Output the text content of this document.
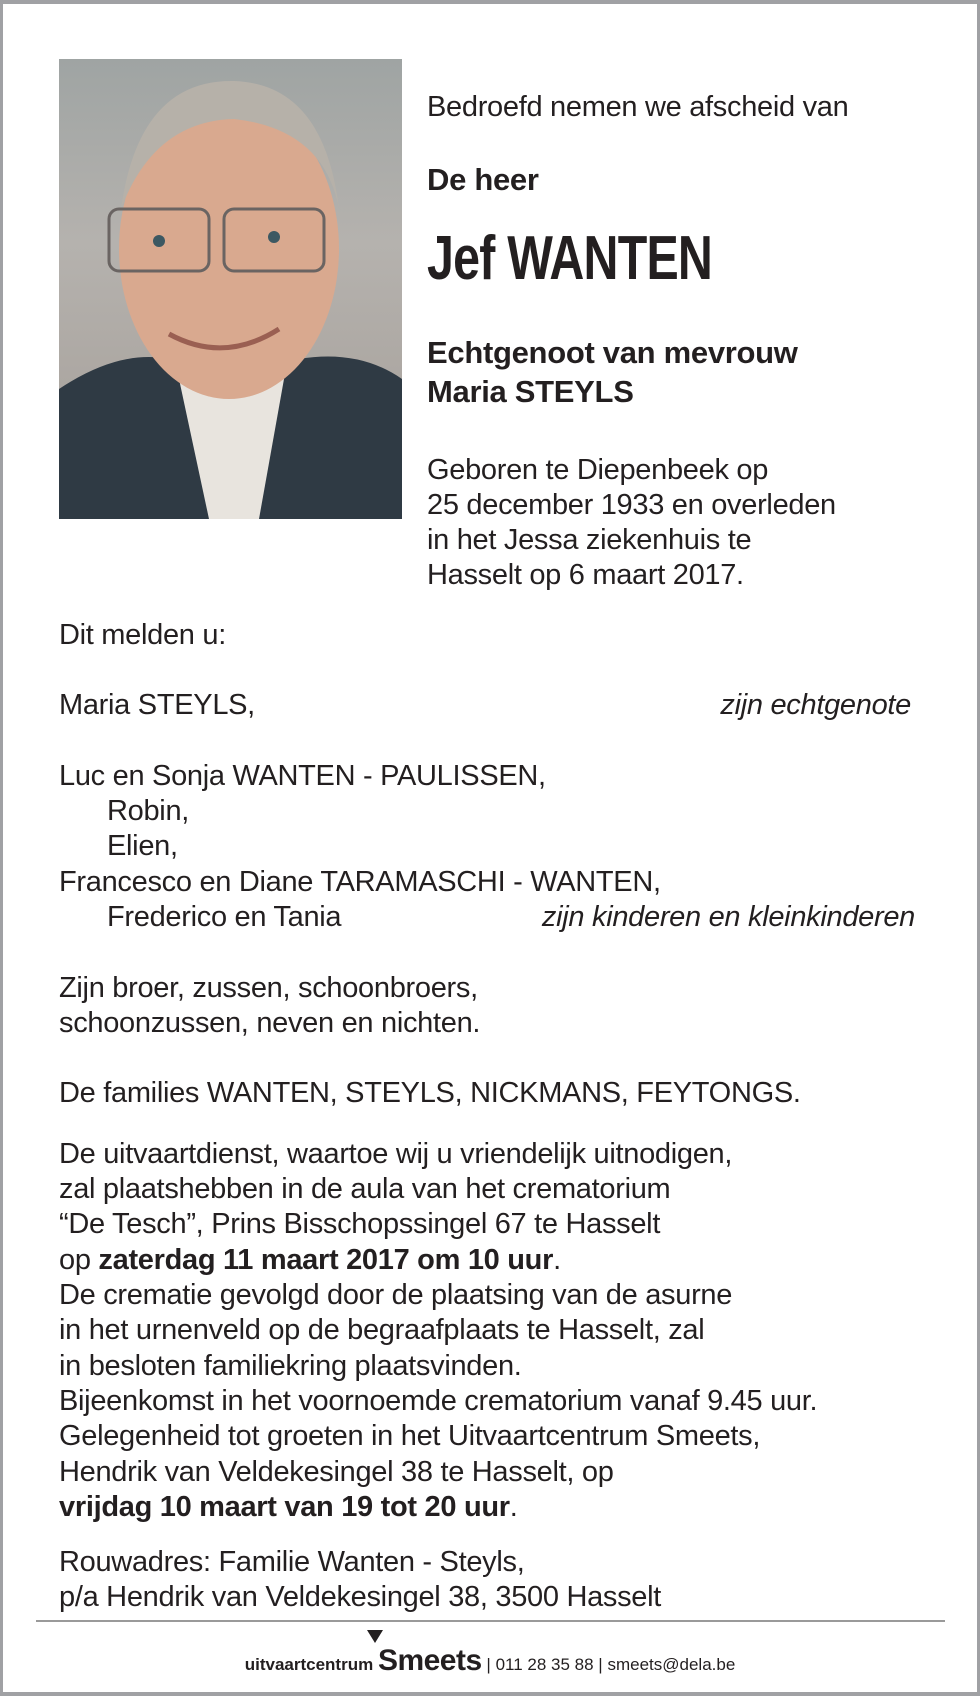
Bedroefd nemen we afscheid van
De heer
Jef WANTEN
Echtgenoot van mevrouw
Maria STEYLS
Geboren te Diepenbeek op
25 december 1933 en overleden
in het Jessa ziekenhuis te
Hasselt op 6 maart 2017.
Dit melden u:
Maria STEYLS,	zijn echtgenote
Luc en Sonja WANTEN - PAULISSEN,
Robin,
Elien,
Francesco en Diane TARAMASCHI - WANTEN,
Frederico en Tania	zijn kinderen en kleinkinderen
Zijn broer, zussen, schoonbroers,
schoonzussen, neven en nichten.
De families WANTEN, STEYLS, NICKMANS, FEYTONGS.
De uitvaartdienst, waartoe wij u vriendelijk uitnodigen,
zal plaatshebben in de aula van het crematorium
“De Tesch”, Prins Bisschopssingel 67 te Hasselt
op zaterdag 11 maart 2017 om 10 uur.
De crematie gevolgd door de plaatsing van de asurne
in het urnenveld op de begraafplaats te Hasselt, zal
in besloten familiekring plaatsvinden.
Bijeenkomst in het voornoemde crematorium vanaf 9.45 uur.
Gelegenheid tot groeten in het Uitvaartcentrum Smeets,
Hendrik van Veldekesingel 38 te Hasselt, op
vrijdag 10 maart van 19 tot 20 uur.
Rouwadres: Familie Wanten - Steyls,
p/a Hendrik van Veldekesingel 38, 3500 Hasselt
uitvaartcentrum Smeets | 011 28 35 88 | smeets@dela.be
